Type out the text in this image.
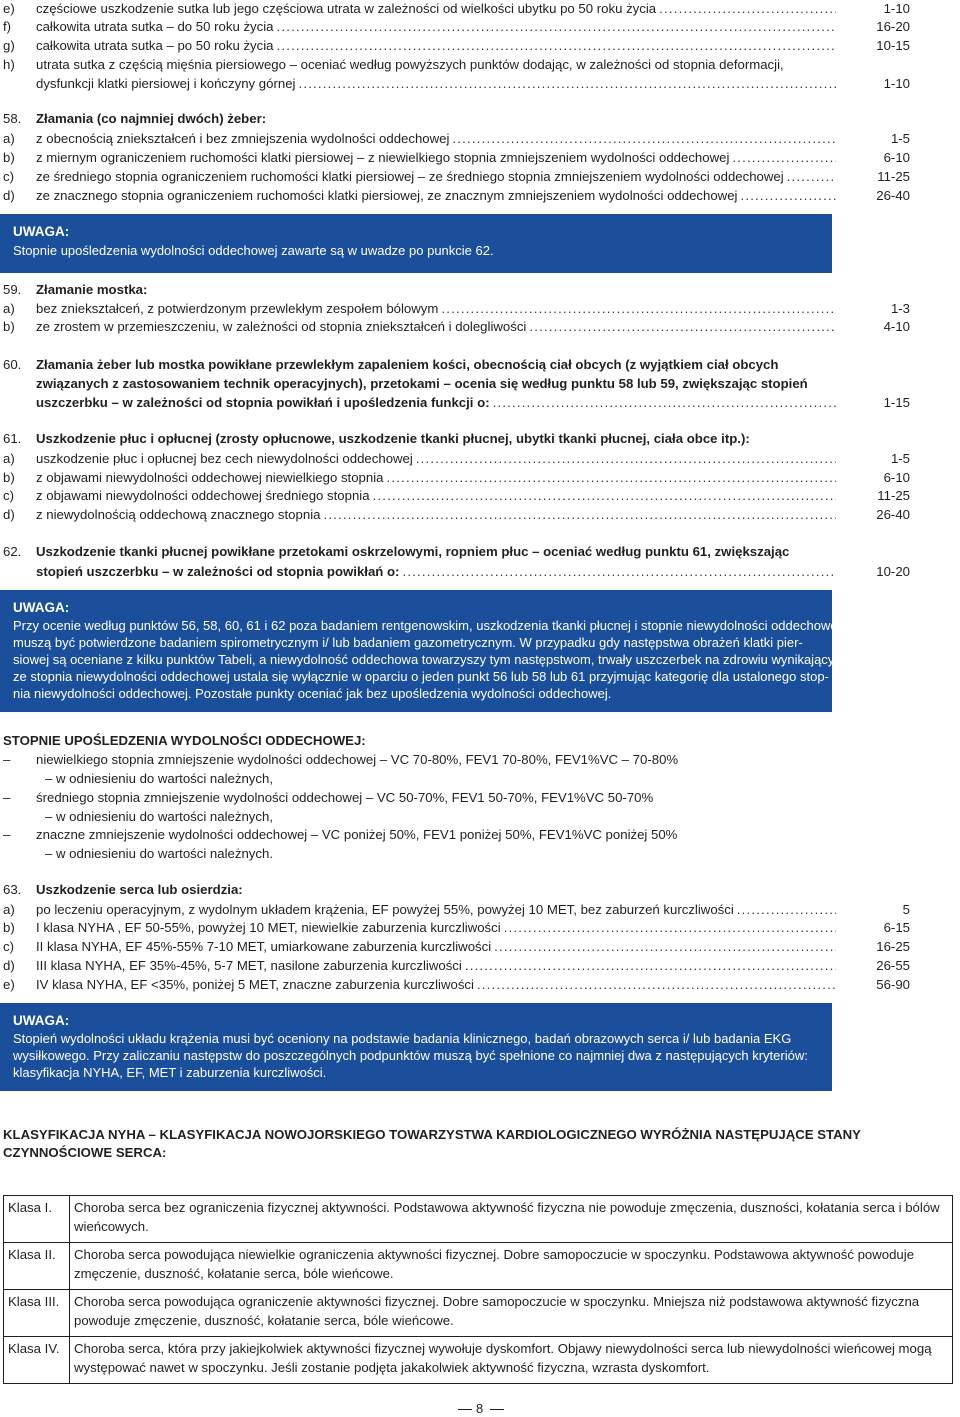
e) częściowe uszkodzenie sutka lub jego częściowa utrata w zależności od wielkości ubytku po 50 roku życia .....	1-10
f) całkowita utrata sutka – do 50 roku życia .....	16-20
g) całkowita utrata sutka – po 50 roku życia .....	10-15
h) utrata sutka z częścią mięśnia piersiowego – oceniać według powyższych punktów dodając, w zależności od stopnia deformacji,
dysfunkcji klatki piersiowej i kończyny górnej .....	1-10
58. Złamania (co najmniej dwóch) żeber:
a) z obecnością zniekształceń i bez zmniejszenia wydolności oddechowej .....	1-5
b) z miernym ograniczeniem ruchomości klatki piersiowej – z niewielkiego stopnia zmniejszeniem wydolności oddechowej .....	6-10
c) ze średniego stopnia ograniczeniem ruchomości klatki piersiowej – ze średniego stopnia zmniejszeniem wydolności oddechowej .....	11-25
d) ze znacznego stopnia ograniczeniem ruchomości klatki piersiowej, ze znacznym zmniejszeniem wydolności oddechowej .....	26-40
UWAGA:
Stopnie upośledzenia wydolności oddechowej zawarte są w uwadze po punkcie 62.
59. Złamanie mostka:
a) bez zniekształceń, z potwierdzonym przewlekłym zespołem bólowym .....	1-3
b) ze zrostem w przemieszczeniu, w zależności od stopnia zniekształceń i dolegliwości .....	4-10
60. Złamania żeber lub mostka powikłane przewlekłym zapaleniem kości, obecnością ciał obcych (z wyjątkiem ciał obcych
związanych z zastosowaniem technik operacyjnych), przetokami – ocenia się według punktu 58 lub 59, zwiększając stopień
uszczerbku – w zależności od stopnia powikłań i upośledzenia funkcji o: .....	1-15
61. Uszkodzenie płuc i opłucnej (zrosty opłucnowe, uszkodzenie tkanki płucnej, ubytki tkanki płucnej, ciała obce itp.):
a) uszkodzenie płuc i opłucnej bez cech niewydolności oddechowej .....	1-5
b) z objawami niewydolności oddechowej niewielkiego stopnia .....	6-10
c) z objawami niewydolności oddechowej średniego stopnia .....	11-25
d) z niewydolnością oddechową znacznego stopnia .....	26-40
62. Uszkodzenie tkanki płucnej powikłane przetokami oskrzelowymi, ropniem płuc – oceniać według punktu 61, zwiększając
stopień uszczerbku – w zależności od stopnia powikłań o: .....	10-20
UWAGA:
Przy ocenie według punktów 56, 58, 60, 61 i 62 poza badaniem rentgenowskim, uszkodzenia tkanki płucnej i stopnie niewydolności oddechowej
muszą być potwierdzone badaniem spirometrycznym i/ lub badaniem gazometrycznym. W przypadku gdy następstwa obrażeń klatki pier-
siowej są oceniane z kilku punktów Tabeli, a niewydolność oddechowa towarzyszy tym następstwom, trwały uszczerbek na zdrowiu wynikający
ze stopnia niewydolności oddechowej ustala się wyłącznie w oparciu o jeden punkt 56 lub 58 lub 61 przyjmując kategorię dla ustalonego stop-
nia niewydolności oddechowej. Pozostałe punkty oceniać jak bez upośledzenia wydolności oddechowej.
STOPNIE UPOŚLEDZENIA WYDOLNOŚCI ODDECHOWEJ:
– niewielkiego stopnia zmniejszenie wydolności oddechowej – VC 70-80%, FEV1 70-80%, FEV1%VC – 70-80%
– w odniesieniu do wartości należnych,
– średniego stopnia zmniejszenie wydolności oddechowej – VC 50-70%, FEV1 50-70%, FEV1%VC 50-70%
– w odniesieniu do wartości należnych,
– znaczne zmniejszenie wydolności oddechowej – VC poniżej 50%, FEV1 poniżej 50%, FEV1%VC poniżej 50%
– w odniesieniu do wartości należnych.
63. Uszkodzenie serca lub osierdzia:
a) po leczeniu operacyjnym, z wydolnym układem krążenia, EF powyżej 55%, powyżej 10 MET, bez zaburzeń kurczliwości .....	5
b) I klasa NYHA , EF 50-55%, powyżej 10 MET, niewielkie zaburzenia kurczliwości .....	6-15
c) II klasa NYHA, EF 45%-55% 7-10 MET, umiarkowane zaburzenia kurczliwości .....	16-25
d) III klasa NYHA, EF 35%-45%, 5-7 MET, nasilone zaburzenia kurczliwości .....	26-55
e) IV klasa NYHA, EF <35%, poniżej 5 MET, znaczne zaburzenia kurczliwości .....	56-90
UWAGA:
Stopień wydolności układu krążenia musi być oceniony na podstawie badania klinicznego, badań obrazowych serca i/ lub badania EKG
wysiłkowego. Przy zaliczaniu następstw do poszczególnych podpunktów muszą być spełnione co najmniej dwa z następujących kryteriów:
klasyfikacja NYHA, EF, MET i zaburzenia kurczliwości.
KLASYFIKACJA NYHA – KLASYFIKACJA NOWOJORSKIEGO TOWARZYSTWA KARDIOLOGICZNEGO WYRÓŻNIA NASTĘPUJĄCE STANY
CZYNNOŚCIOWE SERCA:
Klasa I.	Choroba serca bez ograniczenia fizycznej aktywności. Podstawowa aktywność fizyczna nie powoduje zmęczenia, duszności, kołatania serca i bólów
wieńcowych.

Klasa II.	Choroba serca powodująca niewielkie ograniczenia aktywności fizycznej. Dobre samopoczucie w spoczynku. Podstawowa aktywność powoduje
zmęczenie, duszność, kołatanie serca, bóle wieńcowe.

Klasa III.	Choroba serca powodująca ograniczenie aktywności fizycznej. Dobre samopoczucie w spoczynku. Mniejsza niż podstawowa aktywność fizyczna
powoduje zmęczenie, duszność, kołatanie serca, bóle wieńcowe.

Klasa IV.	Choroba serca, która przy jakiejkolwiek aktywności fizycznej wywołuje dyskomfort. Objawy niewydolności serca lub niewydolności wieńcowej mogą
występować nawet w spoczynku. Jeśli zostanie podjęta jakakolwiek aktywność fizyczna, wzrasta dyskomfort.
8
